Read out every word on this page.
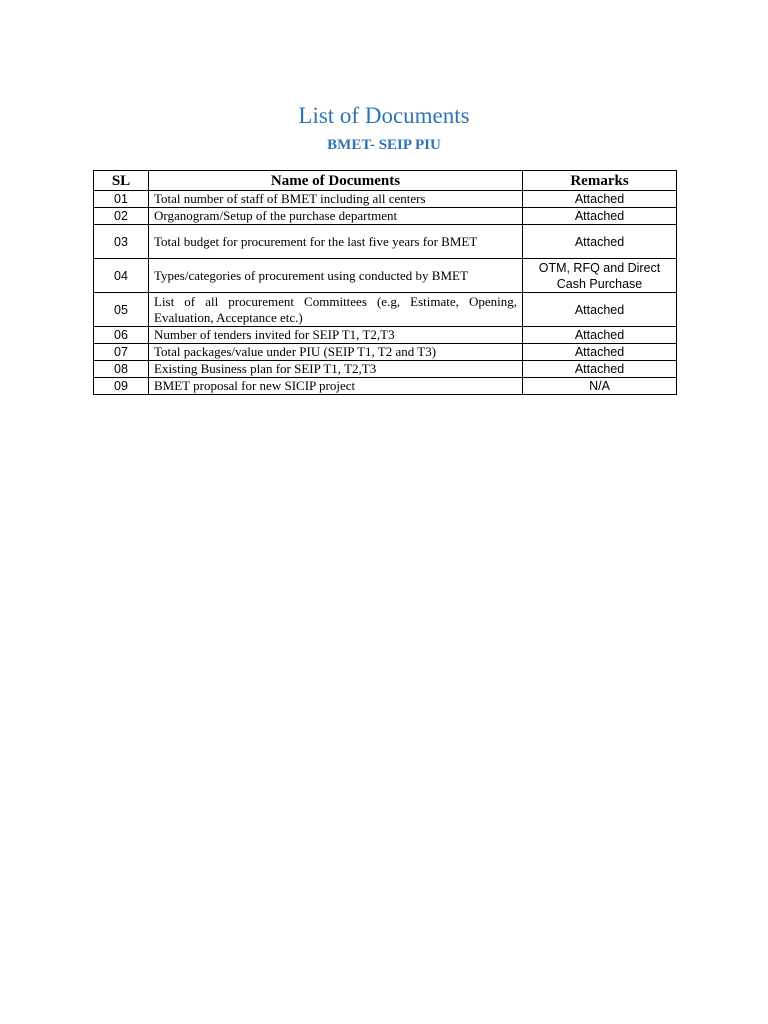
List of Documents
BMET- SEIP PIU
SL	Name of Documents	Remarks
01	Total number of staff of BMET including all centers	Attached
02	Organogram/Setup of the purchase department	Attached
03	Total budget for procurement for the last five years for BMET	Attached
04	Types/categories of procurement using conducted by BMET	OTM, RFQ and Direct Cash Purchase
05	List of all procurement Committees (e.g, Estimate, Opening, Evaluation, Acceptance etc.)	Attached
06	Number of tenders invited for SEIP T1, T2,T3	Attached
07	Total packages/value under PIU (SEIP T1, T2 and T3)	Attached
08	Existing Business plan for SEIP T1, T2,T3	Attached
09	BMET proposal for new SICIP project	N/A
